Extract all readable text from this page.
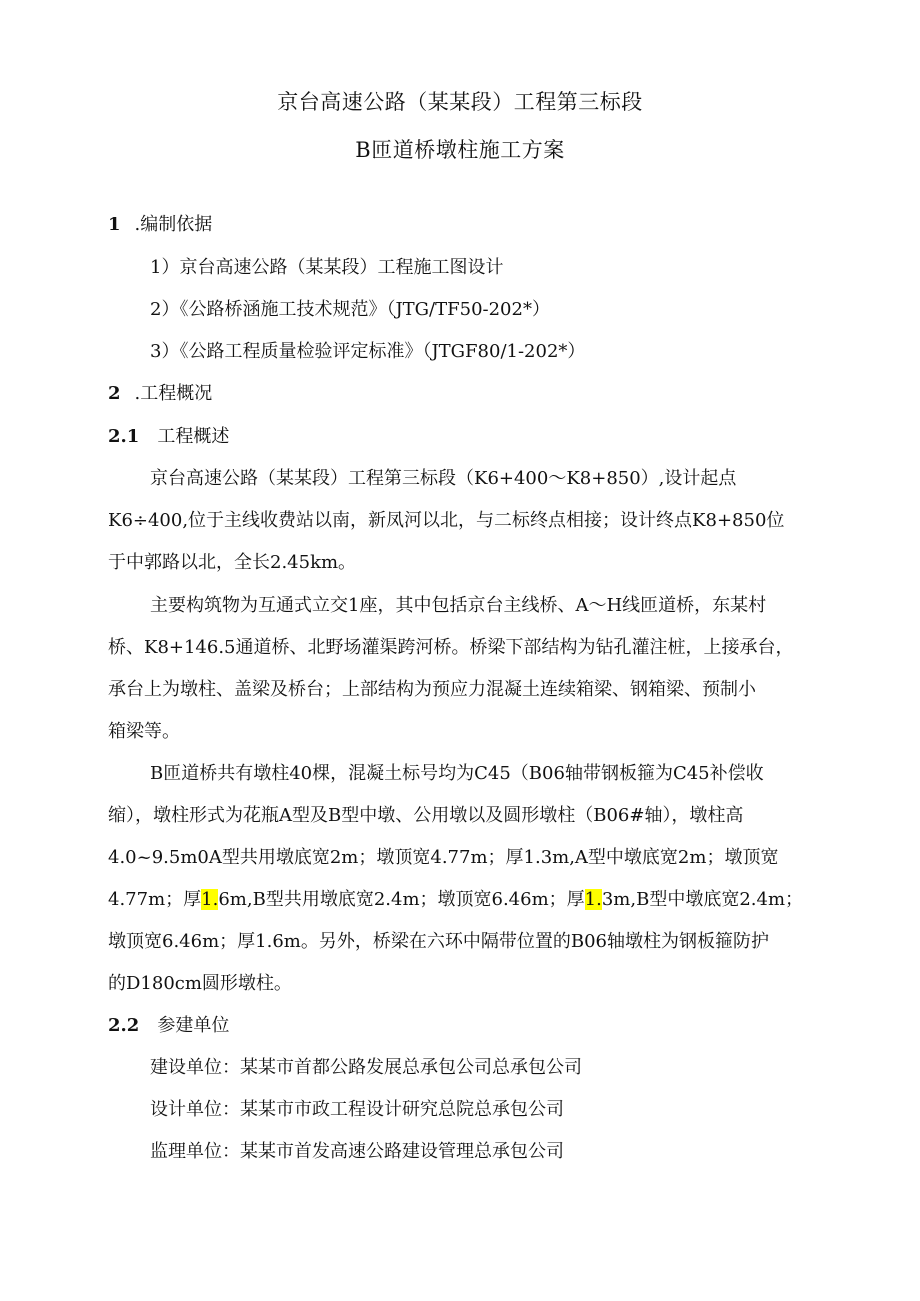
京台高速公路（某某段）工程第三标段
B匝道桥墩柱施工方案
1 .编制依据
1）京台高速公路（某某段）工程施工图设计
2）《公路桥涵施工技术规范》（JTG/TF50-202*）
3）《公路工程质量检验评定标准》（JTGF80/1-202*）
2 .工程概况
2.1 工程概述
京台高速公路（某某段）工程第三标段（K6+400～K8+850）,设计起点
K6÷400,位于主线收费站以南，新凤河以北，与二标终点相接；设计终点K8+850位
于中郭路以北，全长2.45km。
主要构筑物为互通式立交1座，其中包括京台主线桥、A～H线匝道桥，东某村
桥、K8+146.5通道桥、北野场灌渠跨河桥。桥梁下部结构为钻孔灌注桩，上接承台，
承台上为墩柱、盖梁及桥台；上部结构为预应力混凝土连续箱梁、钢箱梁、预制小
箱梁等。
B匝道桥共有墩柱40棵，混凝土标号均为C45（B06轴带钢板箍为C45补偿收
缩），墩柱形式为花瓶A型及B型中墩、公用墩以及圆形墩柱（B06#轴），墩柱高
4.0~9.5m0A型共用墩底宽2m；墩顶宽4.77m；厚1.3m,A型中墩底宽2m；墩顶宽
4.77m；厚1.6m,B型共用墩底宽2.4m；墩顶宽6.46m；厚1.3m,B型中墩底宽2.4m；
墩顶宽6.46m；厚1.6m。另外，桥梁在六环中隔带位置的B06轴墩柱为钢板箍防护
的D180cm圆形墩柱。
2.2 参建单位
建设单位：某某市首都公路发展总承包公司总承包公司
设计单位：某某市市政工程设计研究总院总承包公司
监理单位：某某市首发高速公路建设管理总承包公司
